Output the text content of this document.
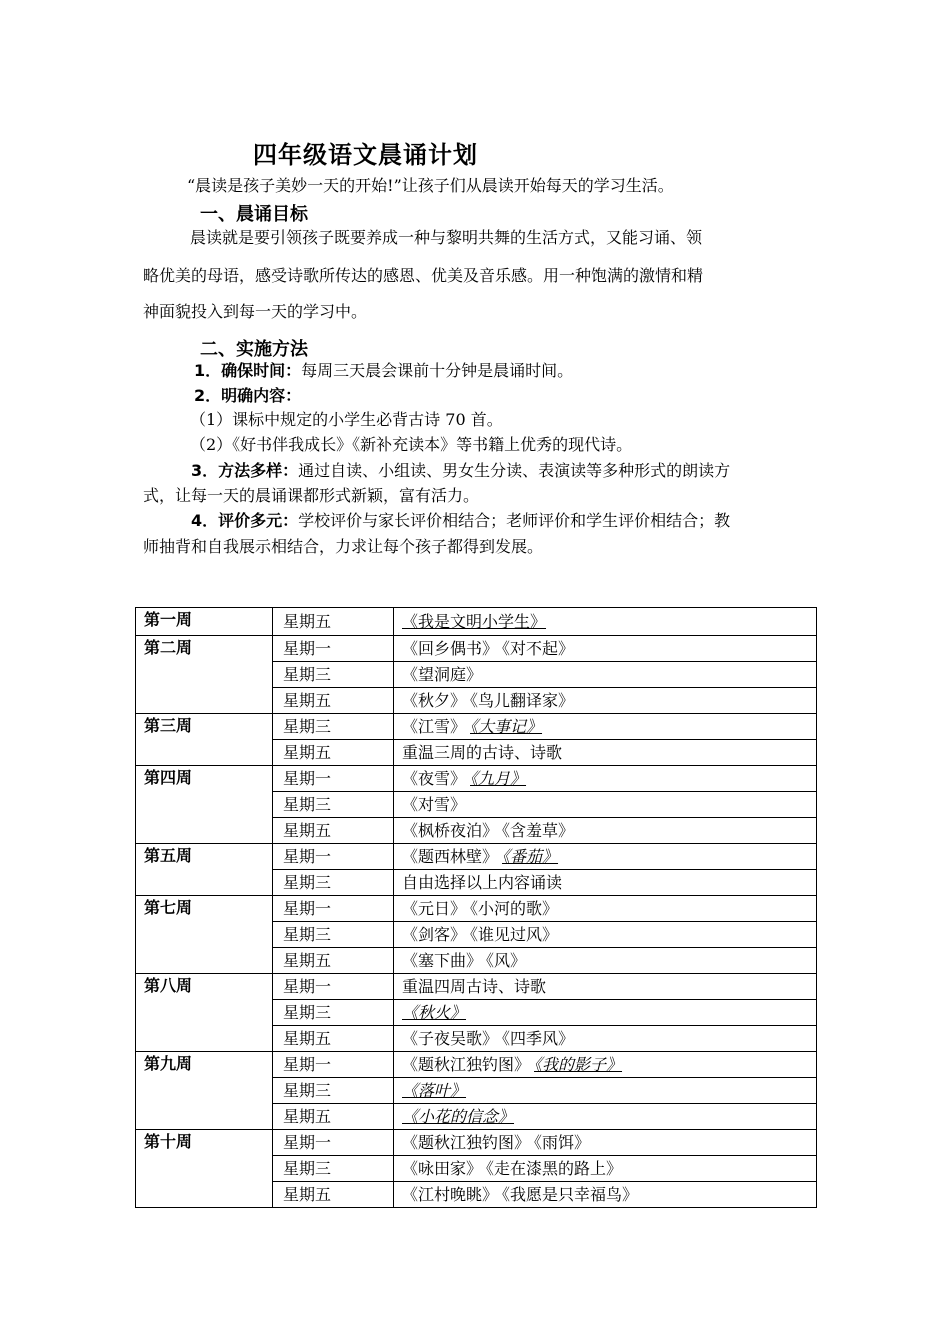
四年级语文晨诵计划
“晨读是孩子美妙一天的开始!”让孩子们从晨读开始每天的学习生活。
一、晨诵目标
晨读就是要引领孩子既要养成一种与黎明共舞的生活方式，又能习诵、领
略优美的母语，感受诗歌所传达的感恩、优美及音乐感。用一种饱满的激情和精
神面貌投入到每一天的学习中。
二、实施方法
1．确保时间：每周三天晨会课前十分钟是晨诵时间。
2．明确内容：
（1）课标中规定的小学生必背古诗 70 首。
（2）《好书伴我成长》《新补充读本》等书籍上优秀的现代诗。
3．方法多样：通过自读、小组读、男女生分读、表演读等多种形式的朗读方
式，让每一天的晨诵课都形式新颖，富有活力。
4．评价多元：学校评价与家长评价相结合；老师评价和学生评价相结合；教
师抽背和自我展示相结合，力求让每个孩子都得到发展。
第一周	星期五	《我是文明小学生》
第二周	星期一	《回乡偶书》 《对不起》
	星期三	《望洞庭》
	星期五	《秋夕》 《鸟儿翻译家》
第三周	星期三	《江雪》 《大事记》
	星期五	重温三周的古诗、诗歌
第四周	星期一	《夜雪》 《九月》
	星期三	《对雪》
	星期五	《枫桥夜泊》 《含羞草》
第五周	星期一	《题西林壁》 《番茄》
	星期三	自由选择以上内容诵读
第七周	星期一	《元日》 《小河的歌》
	星期三	《剑客》 《谁见过风》
	星期五	《塞下曲》 《风》
第八周	星期一	重温四周古诗、诗歌
	星期三	《秋火》
	星期五	《子夜吴歌》 《四季风》
第九周	星期一	《题秋江独钓图》 《我的影子》
	星期三	《落叶》
	星期五	《小花的信念》
第十周	星期一	《题秋江独钓图》 《雨饵》
	星期三	《咏田家》 《走在漆黑的路上》
	星期五	《江村晚眺》 《我愿是只幸福鸟》
